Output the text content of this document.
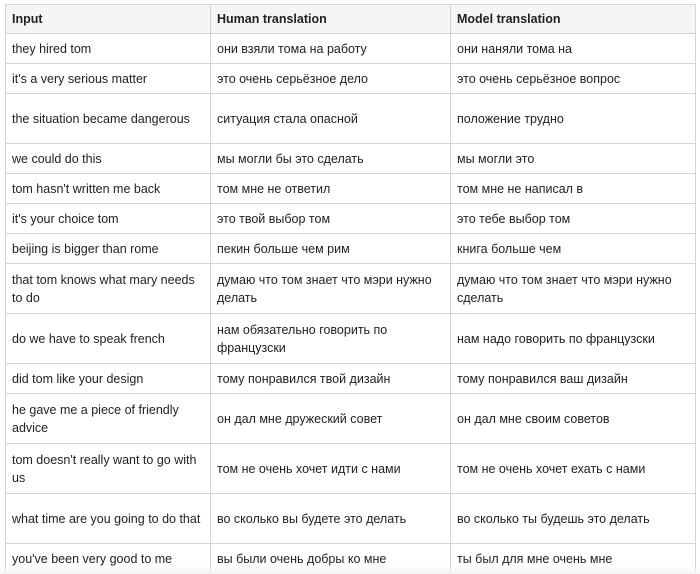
Input	Human translation	Model translation
they hired tom	они взяли тома на работу	они наняли тома на
it's a very serious matter	это очень серьёзное дело	это очень серьёзное вопрос
the situation became dangerous	ситуация стала опасной	положение трудно
we could do this	мы могли бы это сделать	мы могли это
tom hasn't written me back	том мне не ответил	том мне не написал в
it's your choice tom	это твой выбор том	это тебе выбор том
beijing is bigger than rome	пекин больше чем рим	книга больше чем
that tom knows what mary needs to do	думаю что том знает что мэри нужно делать	думаю что том знает что мэри нужно сделать
do we have to speak french	нам обязательно говорить по французски	нам надо говорить по французски
did tom like your design	тому понравился твой дизайн	тому понравился ваш дизайн
he gave me a piece of friendly advice	он дал мне дружеский совет	он дал мне своим советов
tom doesn't really want to go with us	том не очень хочет идти с нами	том не очень хочет ехать с нами
what time are you going to do that	во сколько вы будете это делать	во сколько ты будешь это делать
you've been very good to me	вы были очень добры ко мне	ты был для мне очень мне
